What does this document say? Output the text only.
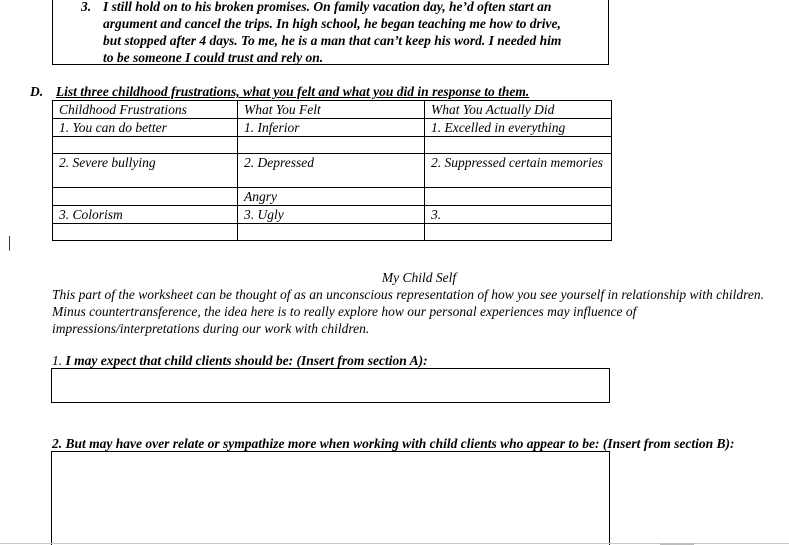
3. I still hold on to his broken promises. On family vacation day, he’d often start an
argument and cancel the trips. In high school, he began teaching me how to drive,
but stopped after 4 days. To me, he is a man that can’t keep his word. I needed him
to be someone I could trust and rely on.
D. List three childhood frustrations, what you felt and what you did in response to them.
Childhood Frustrations	What You Felt	What You Actually Did
1. You can do better	1. Inferior	1. Excelled in everything

2. Severe bullying	2. Depressed	2. Suppressed certain memories
	Angry	
3. Colorism	3. Ugly	3.

|
My Child Self
This part of the worksheet can be thought of as an unconscious representation of how you see yourself in relationship with children. Minus countertransference, the idea here is to really explore how our personal experiences may influence of impressions/interpretations during our work with children.
1. I may expect that child clients should be: (Insert from section A):
2. But may have over relate or sympathize more when working with child clients who appear to be: (Insert from section B):
